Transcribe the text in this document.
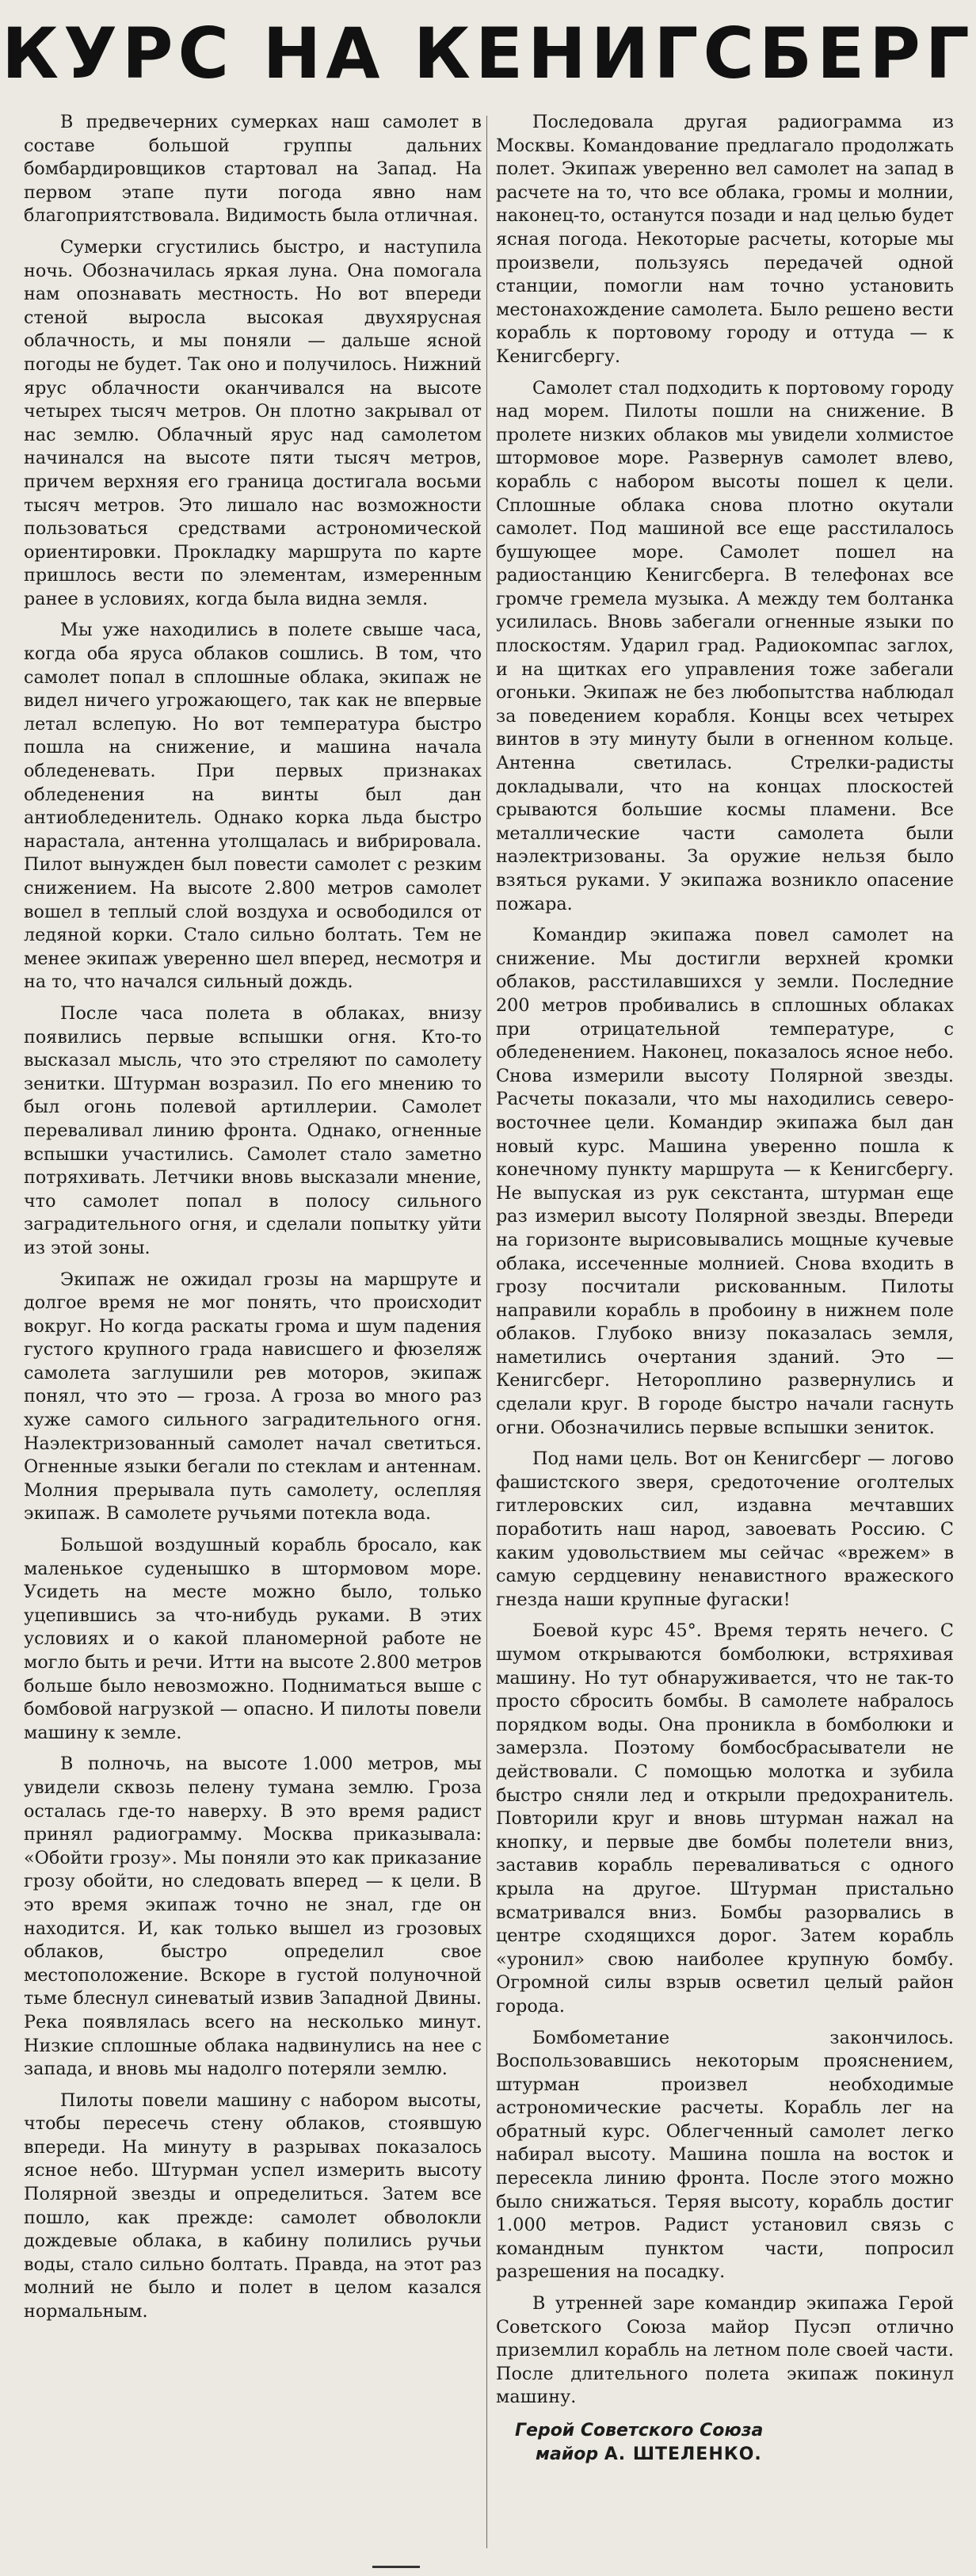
КУРС НА КЕНИГСБЕРГ

В предвечерних сумерках наш самолет в составе большой группы дальних бомбардировщиков стартовал на Запад. На первом этапе пути погода явно нам благоприятствовала. Видимость была отличная.

Сумерки сгустились быстро, и наступила ночь. Обозначилась яркая луна. Она помогала нам опознавать местность. Но вот впереди стеной выросла высокая двухярусная облачность, и мы поняли — дальше ясной погоды не будет. Так оно и получилось. Нижний ярус облачности оканчивался на высоте четырех тысяч метров. Он плотно закрывал от нас землю. Облачный ярус над самолетом начинался на высоте пяти тысяч метров, причем верхняя его граница достигала восьми тысяч метров. Это лишало нас возможности пользоваться средствами астрономической ориентировки. Прокладку маршрута по карте пришлось вести по элементам, измеренным ранее в условиях, когда была видна земля.

Мы уже находились в полете свыше часа, когда оба яруса облаков сошлись. В том, что самолет попал в сплошные облака, экипаж не видел ничего угрожающего, так как не впервые летал вслепую. Но вот температура быстро пошла на снижение, и машина начала обледеневать. При первых признаках обледенения на винты был дан антиобледенитель. Однако корка льда быстро нарастала, антенна утолщалась и вибрировала. Пилот вынужден был повести самолет с резким снижением. На высоте 2.800 метров самолет вошел в теплый слой воздуха и освободился от ледяной корки. Стало сильно болтать. Тем не менее экипаж уверенно шел вперед, несмотря и на то, что начался сильный дождь.

После часа полета в облаках, внизу появились первые вспышки огня. Кто-то высказал мысль, что это стреляют по самолету зенитки. Штурман возразил. По его мнению то был огонь полевой артиллерии. Самолет переваливал линию фронта. Однако, огненные вспышки участились. Самолет стало заметно потряхивать. Летчики вновь высказали мнение, что самолет попал в полосу сильного заградительного огня, и сделали попытку уйти из этой зоны.

Экипаж не ожидал грозы на маршруте и долгое время не мог понять, что происходит вокруг. Но когда раскаты грома и шум падения густого крупного града нависшего и фюзеляж самолета заглушили рев моторов, экипаж понял, что это — гроза. А гроза во много раз хуже самого сильного заградительного огня. Наэлектризованный самолет начал светиться. Огненные языки бегали по стеклам и антеннам. Молния прерывала путь самолету, ослепляя экипаж. В самолете ручьями потекла вода.

Большой воздушный корабль бросало, как маленькое суденышко в штормовом море. Усидеть на месте можно было, только уцепившись за что-нибудь руками. В этих условиях и о какой планомерной работе не могло быть и речи. Итти на высоте 2.800 метров больше было невозможно. Подниматься выше с бомбовой нагрузкой — опасно. И пилоты повели машину к земле.

В полночь, на высоте 1.000 метров, мы увидели сквозь пелену тумана землю. Гроза осталась где-то наверху. В это время радист принял радиограмму. Москва приказывала: «Обойти грозу». Мы поняли это как приказание грозу обойти, но следовать вперед — к цели. В это время экипаж точно не знал, где он находится. И, как только вышел из грозовых облаков, быстро определил свое местоположение. Вскоре в густой полуночной тьме блеснул синеватый извив Западной Двины. Река появлялась всего на несколько минут. Низкие сплошные облака надвинулись на нее с запада, и вновь мы надолго потеряли землю.

Пилоты повели машину с набором высоты, чтобы пересечь стену облаков, стоявшую впереди. На минуту в разрывах показалось ясное небо. Штурман успел измерить высоту Полярной звезды и определиться. Затем все пошло, как прежде: самолет обволокли дождевые облака, в кабину полились ручьи воды, стало сильно болтать. Правда, на этот раз молний не было и полет в целом казался нормальным.

Последовала другая радиограмма из Москвы. Командование предлагало продолжать полет. Экипаж уверенно вел самолет на запад в расчете на то, что все облака, громы и молнии, наконец-то, останутся позади и над целью будет ясная погода. Некоторые расчеты, которые мы произвели, пользуясь передачей одной станции, помогли нам точно установить местонахождение самолета. Было решено вести корабль к портовому городу и оттуда — к Кенигсбергу.

Самолет стал подходить к портовому городу над морем. Пилоты пошли на снижение. В пролете низких облаков мы увидели холмистое штормовое море. Развернув самолет влево, корабль с набором высоты пошел к цели. Сплошные облака снова плотно окутали самолет. Под машиной все еще расстилалось бушующее море. Самолет пошел на радиостанцию Кенигсберга. В телефонах все громче гремела музыка. А между тем болтанка усилилась. Вновь забегали огненные языки по плоскостям. Ударил град. Радиокомпас заглох, и на щитках его управления тоже забегали огоньки. Экипаж не без любопытства наблюдал за поведением корабля. Концы всех четырех винтов в эту минуту были в огненном кольце. Антенна светилась. Стрелки-радисты докладывали, что на концах плоскостей срываются большие космы пламени. Все металлические части самолета были наэлектризованы. За оружие нельзя было взяться руками. У экипажа возникло опасение пожара.

Командир экипажа повел самолет на снижение. Мы достигли верхней кромки облаков, расстилавшихся у земли. Последние 200 метров пробивались в сплошных облаках при отрицательной температуре, с обледенением. Наконец, показалось ясное небо. Снова измерили высоту Полярной звезды. Расчеты показали, что мы находились северо-восточнее цели. Командир экипажа был дан новый курс. Машина уверенно пошла к конечному пункту маршрута — к Кенигсбергу. Не выпуская из рук секстанта, штурман еще раз измерил высоту Полярной звезды. Впереди на горизонте вырисовывались мощные кучевые облака, иссеченные молнией. Снова входить в грозу посчитали рискованным. Пилоты направили корабль в пробоину в нижнем поле облаков. Глубоко внизу показалась земля, наметились очертания зданий. Это — Кенигсберг. Нетороплино развернулись и сделали круг. В городе быстро начали гаснуть огни. Обозначились первые вспышки зениток.

Под нами цель. Вот он Кенигсберг — логово фашистского зверя, средоточение оголтелых гитлеровских сил, издавна мечтавших поработить наш народ, завоевать Россию. С каким удовольствием мы сейчас «врежем» в самую сердцевину ненавистного вражеского гнезда наши крупные фугаски!

Боевой курс 45°. Время терять нечего. С шумом открываются бомболюки, встряхивая машину. Но тут обнаруживается, что не так-то просто сбросить бомбы. В самолете набралось порядком воды. Она проникла в бомболюки и замерзла. Поэтому бомбосбрасыватели не действовали. С помощью молотка и зубила быстро сняли лед и открыли предохранитель. Повторили круг и вновь штурман нажал на кнопку, и первые две бомбы полетели вниз, заставив корабль переваливаться с одного крыла на другое. Штурман пристально всматривался вниз. Бомбы разорвались в центре сходящихся дорог. Затем корабль «уронил» свою наиболее крупную бомбу. Огромной силы взрыв осветил целый район города.

Бомбометание закончилось. Воспользовавшись некоторым прояснением, штурман произвел необходимые астрономические расчеты. Корабль лег на обратный курс. Облегченный самолет легко набирал высоту. Машина пошла на восток и пересекла линию фронта. После этого можно было снижаться. Теряя высоту, корабль достиг 1.000 метров. Радист установил связь с командным пунктом части, попросил разрешения на посадку.

В утренней заре командир экипажа Герой Советского Союза майор Пусэп отлично приземлил корабль на летном поле своей части. После длительного полета экипаж покинул машину.

Герой Советского Союза
майор А. ШТЕЛЕНКО.
